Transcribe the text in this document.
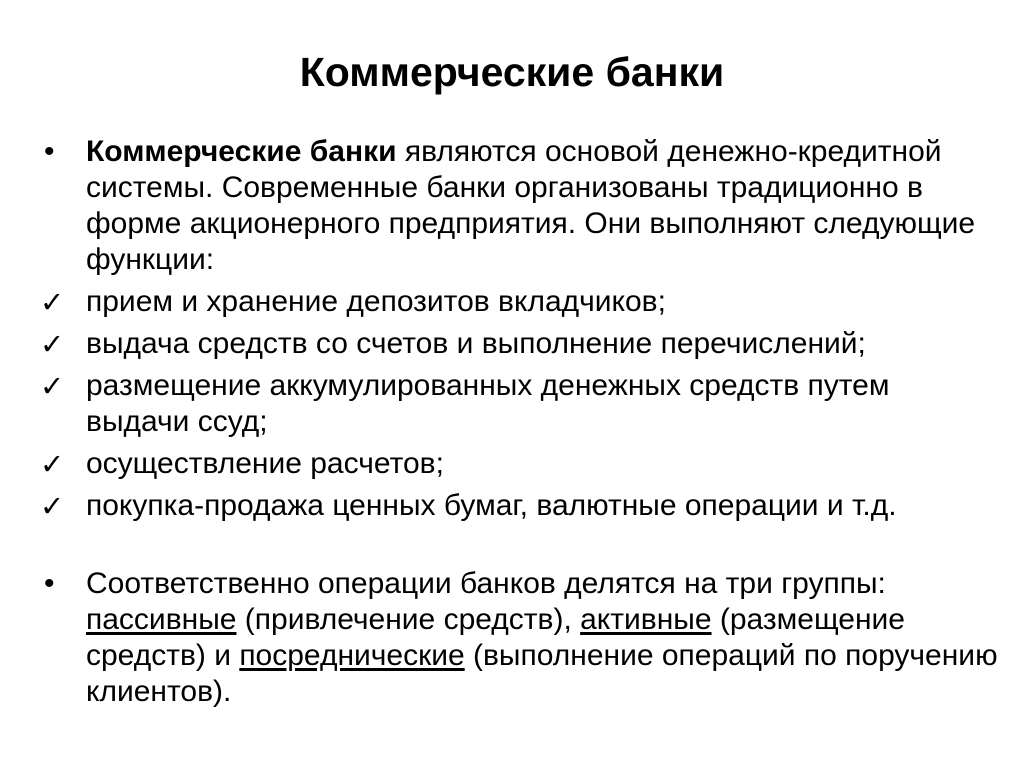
Коммерческие банки
•	Коммерческие банки являются основой денежно-кредитной системы. Современные банки организованы традиционно в форме акционерного предприятия. Они выполняют следующие функции:
✓ прием и хранение депозитов вкладчиков;
✓ выдача средств со счетов и выполнение перечислений;
✓ размещение аккумулированных денежных средств путем выдачи ссуд;
✓ осуществление расчетов;
✓ покупка-продажа ценных бумаг, валютные операции и т.д.
•	Соответственно операции банков делятся на три группы: пассивные (привлечение средств), активные (размещение средств) и посреднические (выполнение операций по поручению клиентов).
